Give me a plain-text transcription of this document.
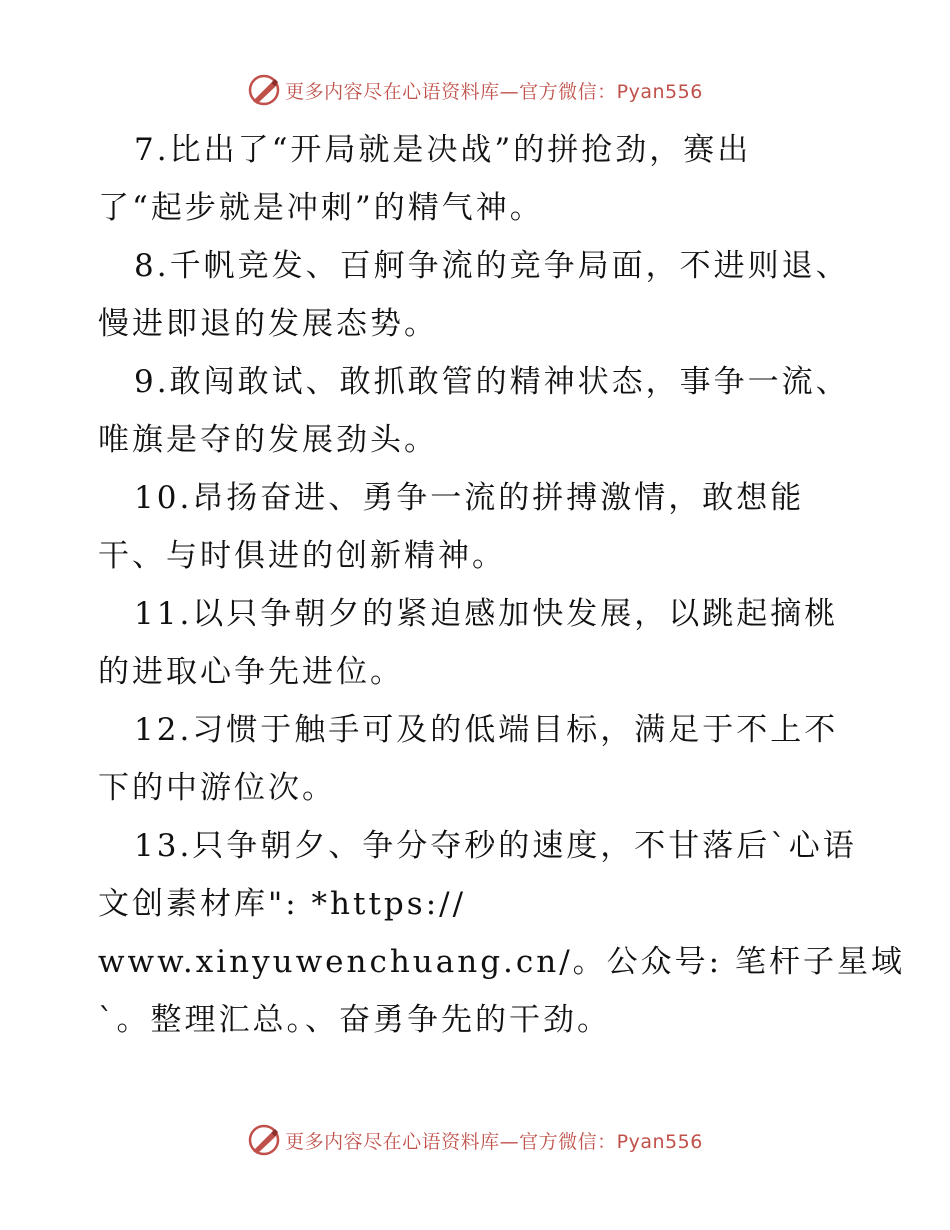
更多内容尽在心语资料库—官方微信：Pyan556
7.比出了“开局就是决战”的拼抢劲，赛出
了“起步就是冲刺”的精气神。
8.千帆竞发、百舸争流的竞争局面，不进则退、
慢进即退的发展态势。
9.敢闯敢试、敢抓敢管的精神状态，事争一流、
唯旗是夺的发展劲头。
10.昂扬奋进、勇争一流的拼搏激情，敢想能
干、与时俱进的创新精神。
11.以只争朝夕的紧迫感加快发展，以跳起摘桃
的进取心争先进位。
12.习惯于触手可及的低端目标，满足于不上不
下的中游位次。
13.只争朝夕、争分夺秒的速度，不甘落后`心语
文创素材库": *https://
www.xinyuwenchuang.cn/。公众号: 笔杆子星域
`。整理汇总。、奋勇争先的干劲。
更多内容尽在心语资料库—官方微信：Pyan556
